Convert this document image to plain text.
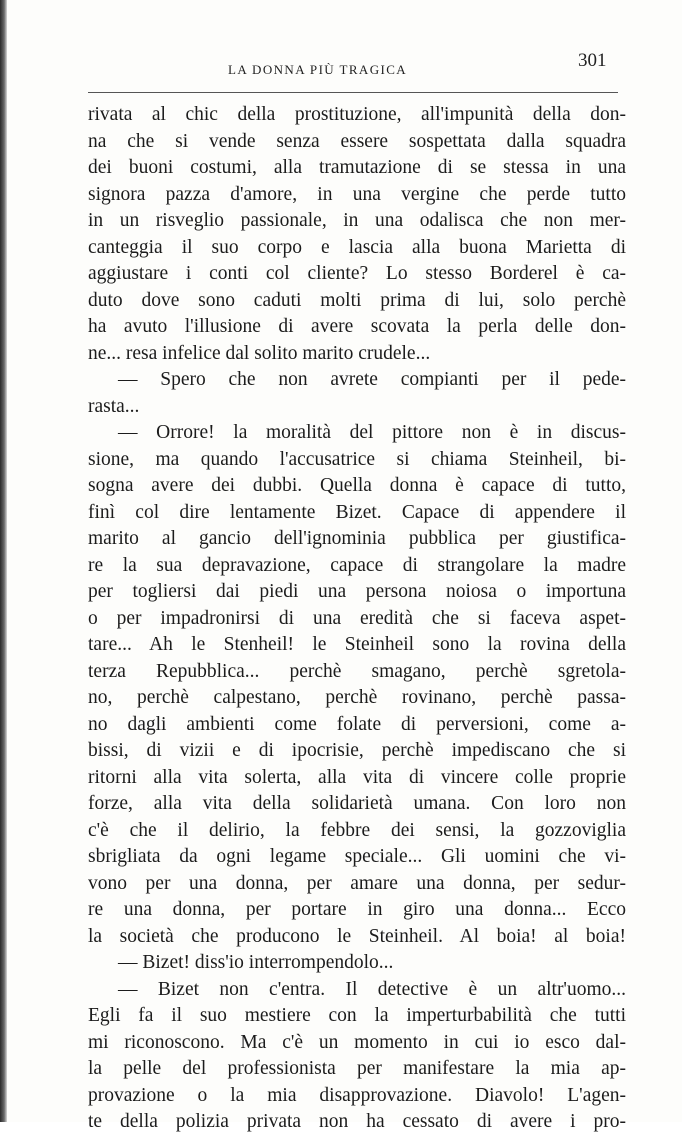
LA DONNA PIÙ TRAGICA	301
rivata al chic della prostituzione, all'impunità della don-
na che si vende senza essere sospettata dalla squadra
dei buoni costumi, alla tramutazione di se stessa in una
signora pazza d'amore, in una vergine che perde tutto
in un risveglio passionale, in una odalisca che non mer-
canteggia il suo corpo e lascia alla buona Marietta di
aggiustare i conti col cliente? Lo stesso Borderel è ca-
duto dove sono caduti molti prima di lui, solo perchè
ha avuto l'illusione di avere scovata la perla delle don-
ne... resa infelice dal solito marito crudele...
— Spero che non avrete compianti per il pede-
rasta...
— Orrore! la moralità del pittore non è in discus-
sione, ma quando l'accusatrice si chiama Steinheil, bi-
sogna avere dei dubbi. Quella donna è capace di tutto,
finì col dire lentamente Bizet. Capace di appendere il
marito al gancio dell'ignominia pubblica per giustifica-
re la sua depravazione, capace di strangolare la madre
per togliersi dai piedi una persona noiosa o importuna
o per impadronirsi di una eredità che si faceva aspet-
tare... Ah le Stenheil! le Steinheil sono la rovina della
terza Repubblica... perchè smagano, perchè sgretola-
no, perchè calpestano, perchè rovinano, perchè passa-
no dagli ambienti come folate di perversioni, come a-
bissi, di vizii e di ipocrisie, perchè impediscano che si
ritorni alla vita solerta, alla vita di vincere colle proprie
forze, alla vita della solidarietà umana. Con loro non
c'è che il delirio, la febbre dei sensi, la gozzoviglia
sbrigliata da ogni legame speciale... Gli uomini che vi-
vono per una donna, per amare una donna, per sedur-
re una donna, per portare in giro una donna... Ecco
la società che producono le Steinheil. Al boia! al boia!
— Bizet! diss'io interrompendolo...
— Bizet non c'entra. Il detective è un altr'uomo...
Egli fa il suo mestiere con la imperturbabilità che tutti
mi riconoscono. Ma c'è un momento in cui io esco dal-
la pelle del professionista per manifestare la mia ap-
provazione o la mia disapprovazione. Diavolo! L'agen-
te della polizia privata non ha cessato di avere i pro-
